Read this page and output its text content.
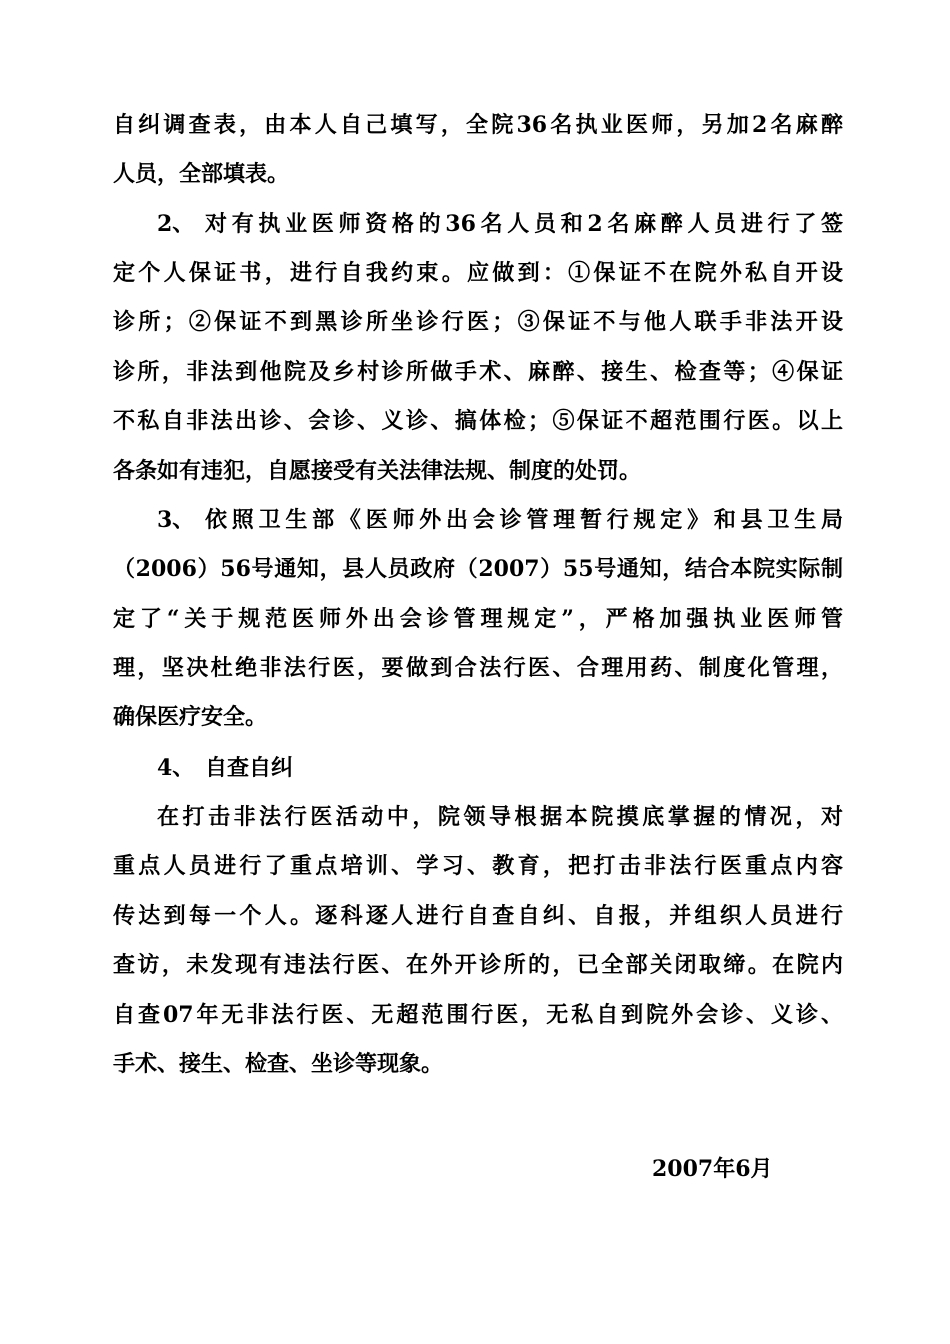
自纠调查表，由本人自己填写，全院36名执业医师，另加2名麻醉
人员，全部填表。
2、 对有执业医师资格的36名人员和2名麻醉人员进行了签
定个人保证书，进行自我约束。应做到：①保证不在院外私自开设
诊所；②保证不到黑诊所坐诊行医；③保证不与他人联手非法开设
诊所，非法到他院及乡村诊所做手术、麻醉、接生、检查等；④保证
不私自非法出诊、会诊、义诊、搞体检；⑤保证不超范围行医。以上
各条如有违犯，自愿接受有关法律法规、制度的处罚。
3、 依照卫生部《医师外出会诊管理暂行规定》和县卫生局
（2006）56号通知，县人员政府（2007）55号通知，结合本院实际制
定了“关于规范医师外出会诊管理规定”，严格加强执业医师管
理，坚决杜绝非法行医，要做到合法行医、合理用药、制度化管理，
确保医疗安全。
4、 自查自纠
在打击非法行医活动中，院领导根据本院摸底掌握的情况，对
重点人员进行了重点培训、学习、教育，把打击非法行医重点内容
传达到每一个人。逐科逐人进行自查自纠、自报，并组织人员进行
查访，未发现有违法行医、在外开诊所的，已全部关闭取缔。在院内
自查07年无非法行医、无超范围行医，无私自到院外会诊、义诊、
手术、接生、检查、坐诊等现象。
2007年6月
